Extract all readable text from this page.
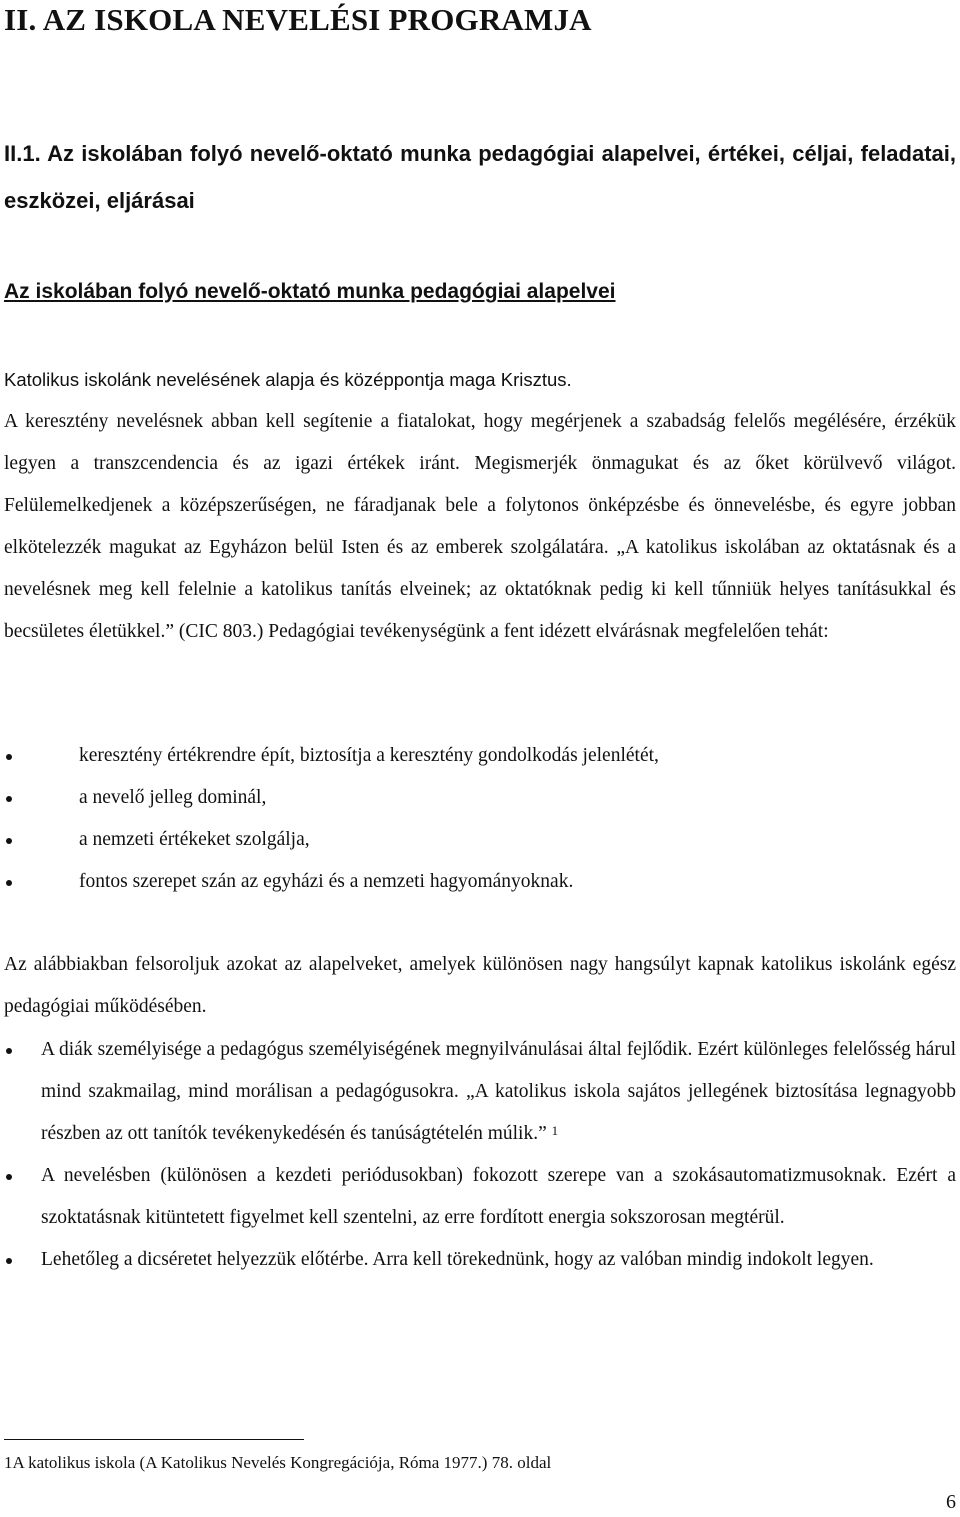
II. AZ ISKOLA NEVELÉSI PROGRAMJA
II.1. Az iskolában folyó nevelő-oktató munka pedagógiai alapelvei, értékei, céljai, feladatai, eszközei, eljárásai
Az iskolában folyó nevelő-oktató munka pedagógiai alapelvei

Katolikus iskolánk nevelésének alapja és középpontja maga Krisztus.

A keresztény nevelésnek abban kell segítenie a fiatalokat, hogy megérjenek a szabadság felelős megélésére, érzékük legyen a transzcendencia és az igazi értékek iránt. Megismerjék önmagukat és az őket körülvevő világot. Felülemelkedjenek a középszerűségen, ne fáradjanak bele a folytonos önképzésbe és önnevelésbe, és egyre jobban elkötelezzék magukat az Egyházon belül Isten és az emberek szolgálatára. „A katolikus iskolában az oktatásnak és a nevelésnek meg kell felelnie a katolikus tanítás elveinek; az oktatóknak pedig ki kell tűnniük helyes tanításukkal és becsületes életükkel.” (CIC 803.) Pedagógiai tevékenységünk a fent idézett elvárásnak megfelelően tehát:

keresztény értékrendre épít, biztosítja a keresztény gondolkodás jelenlétét,
a nevelő jelleg dominál,
a nemzeti értékeket szolgálja,
fontos szerepet szán az egyházi és a nemzeti hagyományoknak.

Az alábbiakban felsoroljuk azokat az alapelveket, amelyek különösen nagy hangsúlyt kapnak katolikus iskolánk egész pedagógiai működésében.

A diák személyisége a pedagógus személyiségének megnyilvánulásai által fejlődik. Ezért különleges felelősség hárul mind szakmailag, mind morálisan a pedagógusokra. „A katolikus iskola sajátos jellegének biztosítása legnagyobb részben az ott tanítók tevékenykedésén és tanúságtételén múlik.” $^1$
A nevelésben (különösen a kezdeti periódusokban) fokozott szerepe van a szokásautomatizmusoknak. Ezért a szoktatásnak kitüntetett figyelmet kell szentelni, az erre fordított energia sokszorosan megtérül.
Lehetőleg a dicséretet helyezzük előtérbe. Arra kell törekednünk, hogy az valóban mindig indokolt legyen.

1A katolikus iskola (A Katolikus Nevelés Kongregációja, Róma 1977.) 78. oldal

6
